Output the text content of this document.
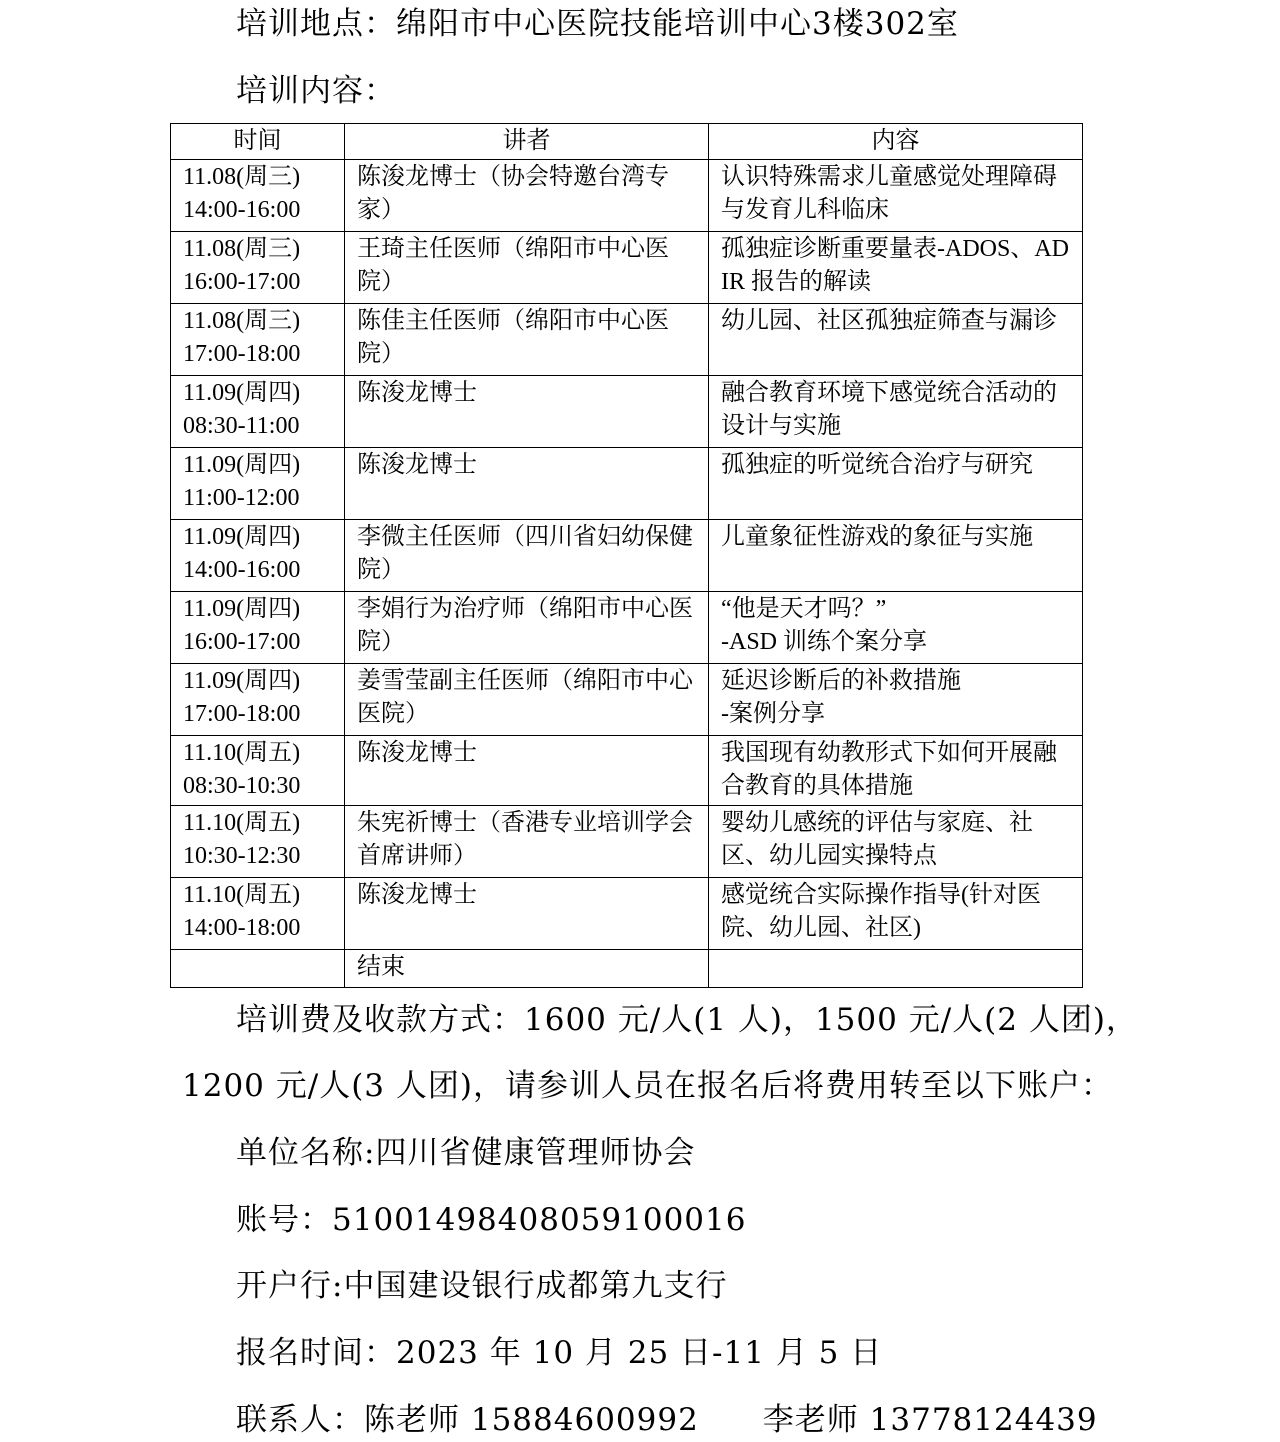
培训地点：绵阳市中心医院技能培训中心3楼302室
培训内容：
时间	讲者	内容

11.08(周三)
14:00-16:00	陈浚龙博士（协会特邀台湾专家）	认识特殊需求儿童感觉处理障碍与发育儿科临床

11.08(周三)
16:00-17:00	王琦主任医师（绵阳市中心医院）	孤独症诊断重要量表-ADOS、ADIR 报告的解读

11.08(周三)
17:00-18:00	陈佳主任医师（绵阳市中心医院）	幼儿园、社区孤独症筛查与漏诊

11.09(周四)
08:30-11:00	陈浚龙博士	融合教育环境下感觉统合活动的设计与实施

11.09(周四)
11:00-12:00	陈浚龙博士	孤独症的听觉统合治疗与研究

11.09(周四)
14:00-16:00	李微主任医师（四川省妇幼保健院）	儿童象征性游戏的象征与实施

11.09(周四)
16:00-17:00	李娟行为治疗师（绵阳市中心医院）	“他是天才吗？”
-ASD 训练个案分享

11.09(周四)
17:00-18:00	姜雪莹副主任医师（绵阳市中心医院）	延迟诊断后的补救措施
-案例分享

11.10(周五)
08:30-10:30	陈浚龙博士	我国现有幼教形式下如何开展融合教育的具体措施

11.10(周五)
10:30-12:30	朱宪祈博士（香港专业培训学会首席讲师）	婴幼儿感统的评估与家庭、社区、幼儿园实操特点

11.10(周五)
14:00-18:00	陈浚龙博士	感觉统合实际操作指导(针对医院、幼儿园、社区)
	结束	
培训费及收款方式：1600 元/人(1 人)，1500 元/人(2 人团)，
1200 元/人(3 人团)，请参训人员在报名后将费用转至以下账户：
单位名称:四川省健康管理师协会
账号：51001498408059100016
开户行:中国建设银行成都第九支行
报名时间：2023 年 10 月 25 日-11 月 5 日
联系人：陈老师 15884600992　　李老师 13778124439
